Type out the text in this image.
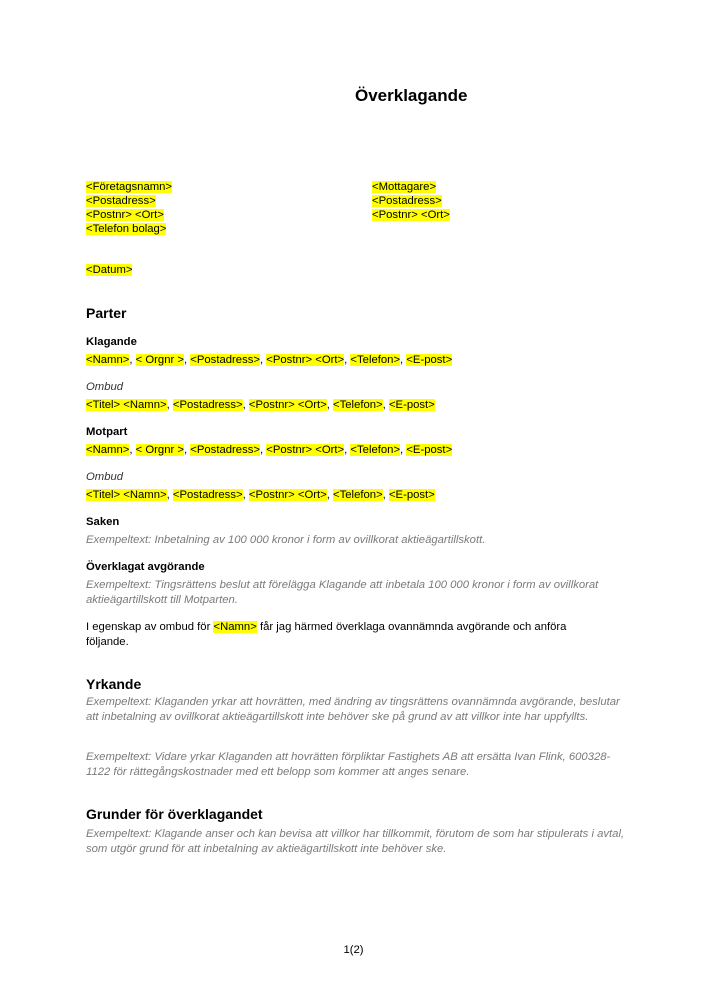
Överklagande
<Företagsnamn>
<Postadress>
<Postnr> <Ort>
<Telefon bolag>
<Mottagare>
<Postadress>
<Postnr> <Ort>
<Datum>
Parter
Klagande
<Namn>, < Orgnr >, <Postadress>, <Postnr> <Ort>, <Telefon>, <E-post>
Ombud
<Titel> <Namn>, <Postadress>, <Postnr> <Ort>, <Telefon>, <E-post>
Motpart
<Namn>, < Orgnr >, <Postadress>, <Postnr> <Ort>, <Telefon>, <E-post>
Ombud
<Titel> <Namn>, <Postadress>, <Postnr> <Ort>, <Telefon>, <E-post>
Saken
Exempeltext: Inbetalning av 100 000 kronor i form av ovillkorat aktieägartillskott.
Överklagat avgörande
Exempeltext: Tingsrättens beslut att förelägga Klagande att inbetala 100 000 kronor i form av ovillkorat aktieägartillskott till Motparten.
I egenskap av ombud för <Namn> får jag härmed överklaga ovannämnda avgörande och anföra följande.
Yrkande
Exempeltext: Klaganden yrkar att hovrätten, med ändring av tingsrättens ovannämnda avgörande, beslutar att inbetalning av ovillkorat aktieägartillskott inte behöver ske på grund av att villkor inte har uppfyllts.
Exempeltext: Vidare yrkar Klaganden att hovrätten förpliktar Fastighets AB att ersätta Ivan Flink, 600328-1122 för rättegångskostnader med ett belopp som kommer att anges senare.
Grunder för överklagandet
Exempeltext: Klagande anser och kan bevisa att villkor har tillkommit, förutom de som har stipulerats i avtal, som utgör grund för att inbetalning av aktieägartillskott inte behöver ske.
1(2)
